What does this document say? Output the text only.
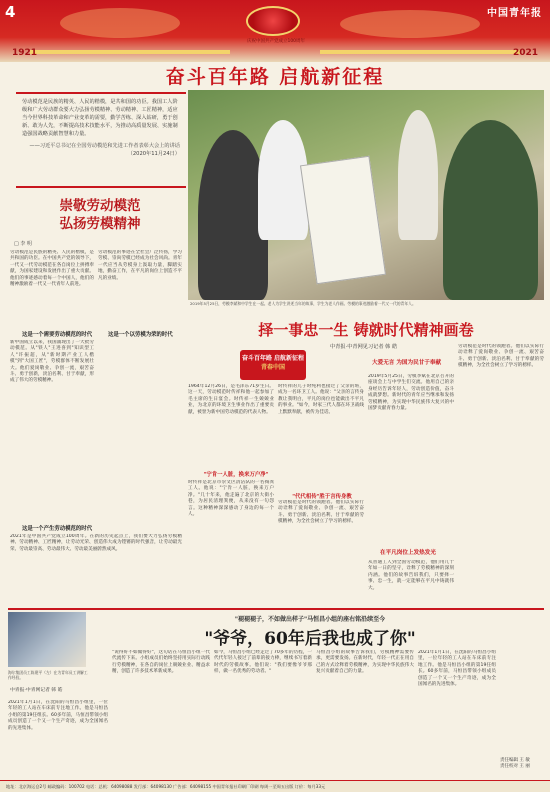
4	中国青年报
庆祝中国共产党成立100周年
1921	2021
奋斗百年路 启航新征程

劳动模范是民族的精英、人民的楷模，是共和国的功臣。我国工人阶级和广大劳动群众要大力弘扬劳模精神、劳动精神、工匠精神，适应当今世界科技革命和产业变革的需要，勤学苦练、深入钻研，勇于创新、敢为人先，不断提高技术技能水平，为推动高质量发展、实施制造强国战略贡献智慧和力量。

——习近平总书记在全国劳动模范和先进工作者表彰大会上的讲话（2020年11月24日）
2019年5月25日，劳模李斌和中学生在一起。老人为学生讲述当年的故事，学生为老人作画。劳模的事迹激励着一代又一代的青年人。
崇敬劳动模范
弘扬劳模精神
□ 李 明
劳动模范是民族的精英、人民的楷模，是共和国的功臣。在中国共产党的领导下，一代又一代劳动模范在各自岗位上拼搏奉献，为国家建设和发展作出了重大贡献。他们的事迹感动着每一个中国人，他们的精神激励着一代又一代青年人前进。
这是一个需要劳动模范的时代
新中国成立以来，我国涌现出了一大批劳动模范。从"铁人"王进喜到"知识型工人"许振超，从"新时期产业工人楷模"到"大国工匠"，劳模群体不断发展壮大。他们爱岗敬业、争创一流，艰苦奋斗、勇于创新，淡泊名利、甘于奉献，形成了伟大的劳模精神。
劳动模范的事迹在全社会广泛传扬，学习劳模、崇尚劳模已经成为社会风尚。青年一代应当从劳模身上汲取力量，脚踏实地，勤奋工作，在平凡的岗位上创造不平凡的业绩。
这是一个以劳模为荣的时代
这是一个产生劳动模范的时代
2021年是中国共产党成立100周年。在新的历史起点上，我们要大力弘扬劳模精神、劳动精神、工匠精神，让劳动光荣、创造伟大成为铿锵的时代强音，让劳动最光荣、劳动最崇高、劳动最伟大、劳动最美丽蔚然成风。
择一事忠一生 铸就时代精神画卷
中青报·中青网见习记者 韩 皓
奋斗百年路 启航新征程
青春中国
1964年12月26日，是毛泽东71岁生日。这一天，劳动模范时传祥和他一起参加了毛主席的生日宴会。时传祥一生兢兢业业，为北京的环境卫生事业作出了重要贡献，被誉为新中国劳动模范的代表人物。
"宁肯一人脏，换来万户净"
时传祥是北京市崇文区清洁队的一名掏粪工人。他说："宁肯一人脏，换来万户净。"几十年来，他走遍了北京的大街小巷，为居民清理粪便，从来没有一句怨言。这种精神深深感动了身边的每一个人。
时传祥的儿子时纯利也接过了父亲的班，成为一名环卫工人。他说："父亲的言传身教让我明白，平凡的岗位也能做出不平凡的事业。"如今，时家三代人都在环卫战线上默默奉献，被传为佳话。
"代代相传"胜于言传身教
劳动模范是时代的领跑者。他们以实际行动诠释了爱岗敬业、争创一流、艰苦奋斗、勇于创新、淡泊名利、甘于奉献的劳模精神，为全社会树立了学习的榜样。
大爱无言 为国为民甘于奉献
2019年5月25日，劳模李斌在北京召开的座谈会上与中学生们交流。他用自己的亲身经历告诉年轻人，劳动创造价值，奋斗成就梦想。新时代的青年应当继承和发扬劳模精神，为实现中华民族伟大复兴的中国梦贡献青春力量。
在平凡岗位上发热发光
从普通工人到全国劳动模范，他们用几十年如一日的坚守，诠释了劳模精神的深刻内涵。他们的故事告诉我们，只要择一事、忠一生，就一定能够在平凡中铸就伟大。
劳动模范是时代的领跑者。他们以实际行动诠释了爱岗敬业、争创一流、艰苦奋斗、勇于创新、淡泊名利、甘于奉献的劳模精神，为全社会树立了学习的榜样。
海尔集团员工陈建平（左）在为青年员工讲解工作经验。
中青报·中青网记者 韩 皓
"褪褪褪子，不如做出样子"马恒昌小组的座右铭沿续至今
"爷爷，60年后我也成了你"
2021年1月1日，在沈阳的马恒昌小组里，一位年轻的工人站在车床前专注地工作。他是马恒昌小组的第19任组长。60多年前，马恒昌带领小组成员创造了一个又一个生产奇迹，成为全国闻名的先进集体。
"说得好不如做得好"，这句话在马恒昌小组一代代流传下来。小组成员们始终坚持用实际行动践行劳模精神，在各自的岗位上兢兢业业、精益求精，创造了许多技术革新成果。
如今，马恒昌小组已经走过了70多年的历程，一代代年轻人接过了前辈的接力棒，继续书写着新时代的劳模故事。他们说："我们要像爷爷那样，做一名优秀的劳动者。"
马恒昌小组的故事告诉我们，劳模精神需要传承，更需要发扬。在新时代，年轻一代正在用自己的方式诠释着劳模精神，为实现中华民族伟大复兴贡献着自己的力量。
2021年1月1日，在沈阳的马恒昌小组里，一位年轻的工人站在车床前专注地工作。他是马恒昌小组的第19任组长。60多年前，马恒昌带领小组成员创造了一个又一个生产奇迹，成为全国闻名的先进集体。
责任编辑 王 敏
责任校对 王 丽
地址：北京海运仓2号 邮政编码：100702 电话：总机：64098088 发行部：64098130 广告部：64098155 中国青年报社印刷厂印刷 每周一至周五出版 订价：每月33元
